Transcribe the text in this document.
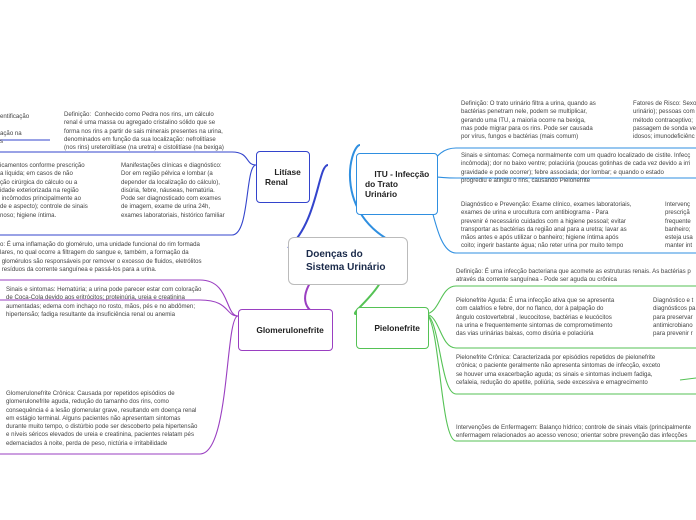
Doenças do
Sistema Urinário

Litíase
Renal

entificação

ação na
s
Definição:  Conhecido como Pedra nos rins, um cálculo
renal é uma massa ou agregado cristalino sólido que se
forma nos rins a partir de sais minerais presentes na urina,
denominados em função da sua localização: nefrolitíase
(nos rins) ureterolitíase (na uretra) e cistolitíase (na bexiga)
icamentos conforme prescrição
a líquida; em casos de não
ção cirúrgica do cálculo ou a
idade exteriorizada na região
incômodos principalmente ao
de e aspecto); controle de sinais
noso; higiene íntima.
Manifestações clínicas e diagnóstico:
Dor em região pélvica e lombar (a
depender da localização do cálculo),
disúria, febre, náuseas, hematúria.
Pode ser diagnosticado com exames
de imagem, exame de urina 24h,
exames laboratoriais, histórico familiar

ITU - Infecção
do Trato
Urinário

Definição: O trato urinário filtra a urina, quando as
bactérias penetram nele, podem se multiplicar,
gerando uma ITU, a maioria ocorre na bexiga,
mas pode migrar para os rins. Pode ser causada
por vírus, fungos e bactérias (mais comum)
Fatores de Risco: Sexo
urinário); pessoas com
método contraceptivo;
passagem de sonda ve
idosos; imunodeficiênc
Sinais e sintomas: Começa normalmente com um quadro localizado de cistite. Infecç
incômoda); dor no baixo ventre; polaciúria (poucas gotinhas de cada vez devido a irri
gravidade e pode ocorrer); febre associada; dor lombar; e quando o estado
progrediu e atingiu o rins, causando Pielonefrite
Diagnóstico e Prevenção: Exame clínico, exames laboratoriais,
exames de urina e urocultura com antibiograma - Para
prevenir é necessário cuidados com a higiene pessoal; evitar
transportar as bactérias da região anal para a uretra; lavar as
mãos antes e após utilizar o banheiro; higiene íntima após
coito; ingerir bastante água; não reter urina por muito tempo
Intervenç
prescriçã
frequente
banheiro;
esteja usa
manter int

Glomerulonefrite

o: É uma inflamação do glomérulo, uma unidade funcional do rim formada
lares, no qual ocorre a filtragem do sangue e, também, a formação da
glomérulos são responsáveis por remover o excesso de fluidos, eletrólitos
resíduos da corrente sanguínea e passá-los para a urina.
Sinais e sintomas: Hematúria; a urina pode parecer estar com coloração
de Coca-Cola devido aos eritrócitos; proteinúria, ureia e creatinina
aumentadas; edema com inchaço no rosto, mãos, pés e no abdômen;
hipertensão; fadiga resultante da insuficiência renal ou anemia
Glomerulonefrite Crônica: Causada por repetidos episódios de
glomerulonefrite aguda, redução do tamanho dos rins, como
consequência é a lesão glomerular grave, resultando em doença renal
em estágio terminal. Alguns pacientes não apresentam sintomas
durante muito tempo, o distúrbio pode ser descoberto pela hipertensão
e níveis séricos elevados de ureia e creatinina, pacientes relatam pés
edemaciados à noite, perda de peso, nictúria e irritabilidade

Pielonefrite

Definição: É uma infecção bacteriana que acomete as estruturas renais. As bactérias p
através da corrente sanguínea - Pode ser aguda ou crônica
Pielonefrite Aguda: É uma infecção ativa que se apresenta
com calafrios e febre, dor no flanco, dor à palpação do
ângulo costovertebral , leucocitose, bactérias e leucócitos
na urina e frequentemente sintomas de comprometimento
das vias urinárias baixas, como disúria e polaciúria
Diagnóstico e t
diagnósticos pa
para preservar
antimicrobiano
para prevenir r
Pielonefrite Crônica: Caracterizada por episódios repetidos de pielonefrite
crônica; o paciente geralmente não apresenta sintomas de infecção, exceto
se houver uma exacerbação aguda; os sinais e sintomas incluem fadiga,
cefaleia, redução do apetite, poliúria, sede excessiva e emagrecimento
Intervenções de Enfermagem: Balanço hídrico; controle de sinais vitais (principalmente
enfermagem relacionados ao acesso venoso; orientar sobre prevenção das infecções
